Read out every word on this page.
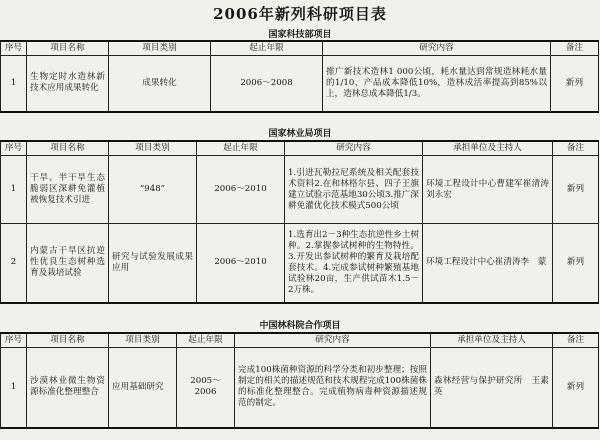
2006年新列科研项目表
国家科技部项目
序号	项目名称	项目类别	起止年限	研究内容	备注
1	生物定时水造林新技术应用成果转化	成果转化	2006～2008	推广新技术造林1 000公顷，耗水量达到常规造林耗水量的1/10，产品成本降低10%，造林成活率提高到85%以上，造林总成本降低1/3。	新列
国家林业局项目
序号	项目名称	项目类别	起止年限	研究内容	承担单位及主持人	备注
1	干旱、半干旱生态脆弱区深耕免灌植被恢复技术引进	“948”	2006～2010	1.引进瓦勒拉尼系统及相关配套技术资料2.在和林格尔县、四子王旗建立试验示范基地30公顷3.推广深耕免灌优化技术模式500公顷	环境工程设计中心曹建军崔清涛刘永宏	新列
2	内蒙古干旱区抗逆性优良生态树种选育及栽培试验	研究与试验发展成果应用	2006～2010	1.选育出2－3种生态抗逆性乡土树种。2.掌握参试树种的生物特性。3.开发出参试树种的繁育及栽培配套技术。4.完成参试树种繁殖基地试验林20亩，生产供试苗木1.5－2万株。	环境工程设计中心崔清涛李　蒙	新列
中国林科院合作项目
序号	项目名称	项目类别	起止年限	研究内容	承担单位及主持人	备注
1	沙漠林业微生物资源标准化整理整合	应用基础研究	2005～2006	完成100株菌种资源的科学分类和初步整理；按照制定的相关的描述规范和技术规程完成100株菌株的标准化整理整合。完成植物病毒种资源描述规范的制定。	森林经营与保护研究所　王素英	新列
